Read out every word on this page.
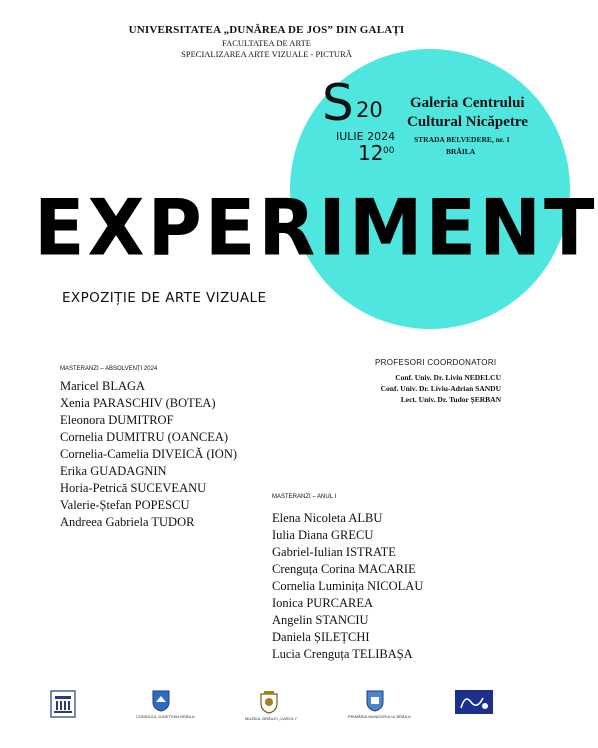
UNIVERSITATEA „DUNĂREA DE JOS” DIN GALAȚI
FACULTATEA DE ARTE
SPECIALIZAREA ARTE VIZUALE - PICTURĂ
S 20
IULIE 2024
12 00
Galeria Centrului
Cultural Nicăpetre
STRADA BELVEDERE, nr. 1
BRĂILA
EXPERIMENT
EXPOZIȚIE DE ARTE VIZUALE
MASTERANZI – ABSOLVENȚI 2024

Maricel BLAGA

Xenia PARASCHIV (BOTEA)

Eleonora DUMITROF

Cornelia DUMITRU (OANCEA)

Cornelia-Camelia DIVEICĂ (ION)

Erika GUADAGNIN

Horia-Petrică SUCEVEANU

Valerie-Ștefan POPESCU

Andreea Gabriela TUDOR

PROFESORI COORDONATORI
Conf. Univ. Dr. Liviu NEDELCU
Conf. Univ. Dr. Liviu-Adrian SANDU
Lect. Univ. Dr. Tudor ȘERBAN
MASTERANZI – ANUL I

Elena Nicoleta ALBU

Iulia Diana GRECU

Gabriel-Iulian ISTRATE

Crenguța Corina MACARIE

Cornelia Luminița NICOLAU

Ionica PURCAREA

Angelin STANCIU

Daniela ȘILEȚCHI

Lucia Crenguța TELIBAȘA

CONSILIUL JUDEȚEAN BRĂILA	MUZEUL BRĂILEI „CAROL I”	PRIMĂRIA MUNICIPIULUI BRĂILA
